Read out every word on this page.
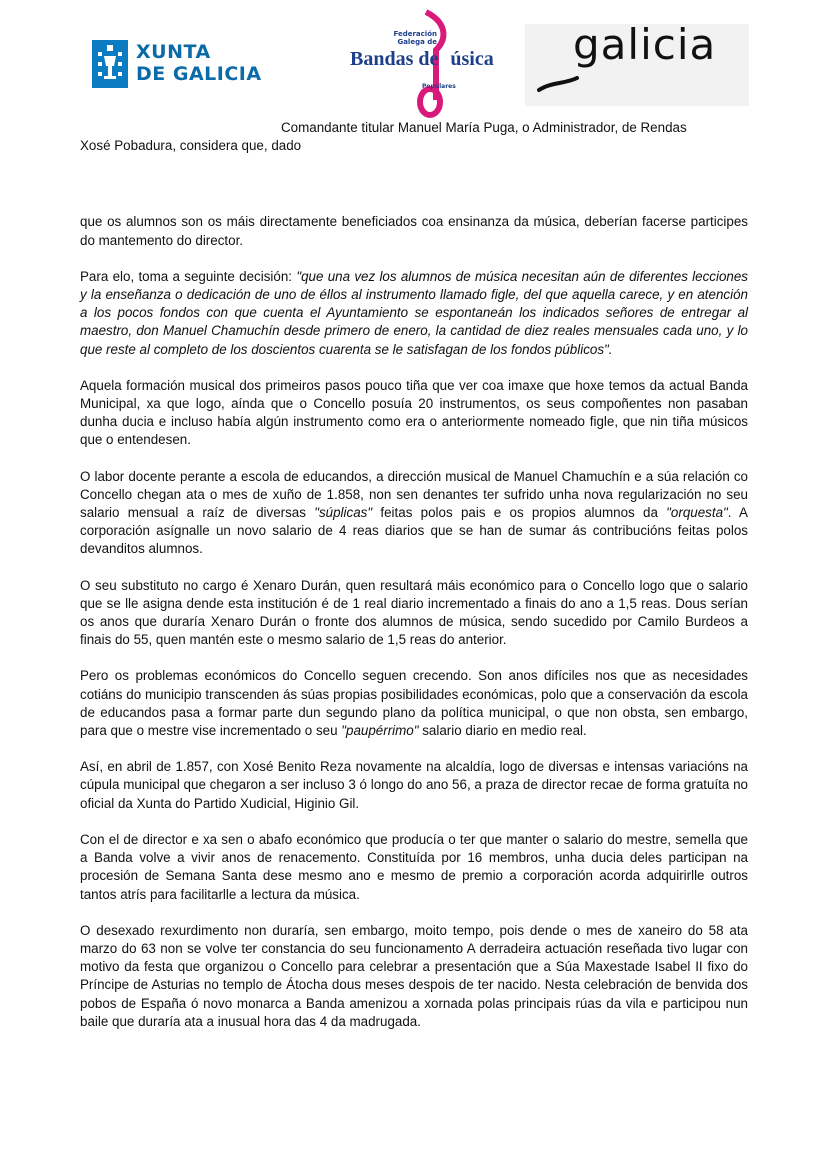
XUNTA
DE GALICIA
Federación Galega de
Bandas de úsica
Populares
galicia

Comandante titular Manuel María Puga, o Administrador, de Rendas

Xosé Pobadura, considera que, dado

que os alumnos son os máis directamente beneficiados coa ensinanza da música, deberían facerse participes do mantemento do director.

Para elo, toma a seguinte decisión: "que una vez los alumnos de música necesitan aún de diferentes lecciones y la enseñanza o dedicación de uno de éllos al instrumento llamado figle, del que aquella carece, y en atención a los pocos fondos con que cuenta el Ayuntamiento se espontaneán los indicados señores de entregar al maestro, don Manuel Chamuchín desde primero de enero, la cantidad de diez reales mensuales cada uno, y lo que reste al completo de los doscientos cuarenta se le satisfagan de los fondos públicos".

Aquela formación musical dos primeiros pasos pouco tiña que ver coa imaxe que hoxe temos da actual Banda Municipal, xa que logo, aínda que o Concello posuía 20 instrumentos, os seus compoñentes non pasaban dunha ducia e incluso había algún instrumento como era o anteriormente nomeado figle, que nin tiña músicos que o entendesen.

O labor docente perante a escola de educandos, a dirección musical de Manuel Chamuchín e a súa relación co Concello chegan ata o mes de xuño de 1.858, non sen denantes ter sufrido unha nova regularización no seu salario mensual a raíz de diversas "súplicas" feitas polos pais e os propios alumnos da "orquesta". A corporación asígnalle un novo salario de 4 reas diarios que se han de sumar ás contribucións feitas polos devanditos alumnos.

O seu substituto no cargo é Xenaro Durán, quen resultará máis económico para o Concello logo que o salario que se lle asigna dende esta institución é de 1 real diario incrementado a finais do ano a 1,5 reas. Dous serían os anos que duraría Xenaro Durán o fronte dos alumnos de música, sendo sucedido por Camilo Burdeos a finais do 55, quen mantén este o mesmo salario de 1,5 reas do anterior.

Pero os problemas económicos do Concello seguen crecendo. Son anos difíciles nos que as necesidades cotiáns do municipio transcenden ás súas propias posibilidades económicas, polo que a conservación da escola de educandos pasa a formar parte dun segundo plano da política municipal, o que non obsta, sen embargo, para que o mestre vise incrementado o seu "paupérrimo" salario diario en medio real.

Así, en abril de 1.857, con Xosé Benito Reza novamente na alcaldía, logo de diversas e intensas variacións na cúpula municipal que chegaron a ser incluso 3 ó longo do ano 56, a praza de director recae de forma gratuíta no oficial da Xunta do Partido Xudicial, Higinio Gil.

Con el de director e xa sen o abafo económico que producía o ter que manter o salario do mestre, semella que a Banda volve a vivir anos de renacemento. Constituída por 16 membros, unha ducia deles participan na procesión de Semana Santa dese mesmo ano e mesmo de premio a corporación acorda adquirirlle outros tantos atrís para facilitarlle a lectura da música.

O desexado rexurdimento non duraría, sen embargo, moito tempo, pois dende o mes de xaneiro do 58 ata marzo do 63 non se volve ter constancia do seu funcionamento A derradeira actuación reseñada tivo lugar con motivo da festa que organizou o Concello para celebrar a presentación que a Súa Maxestade Isabel II fixo do Príncipe de Asturias no templo de Átocha dous meses despois de ter nacido. Nesta celebración de benvida dos pobos de España ó novo monarca a Banda amenizou a xornada polas principais rúas da vila e participou nun baile que duraría ata a inusual hora das 4 da madrugada.
